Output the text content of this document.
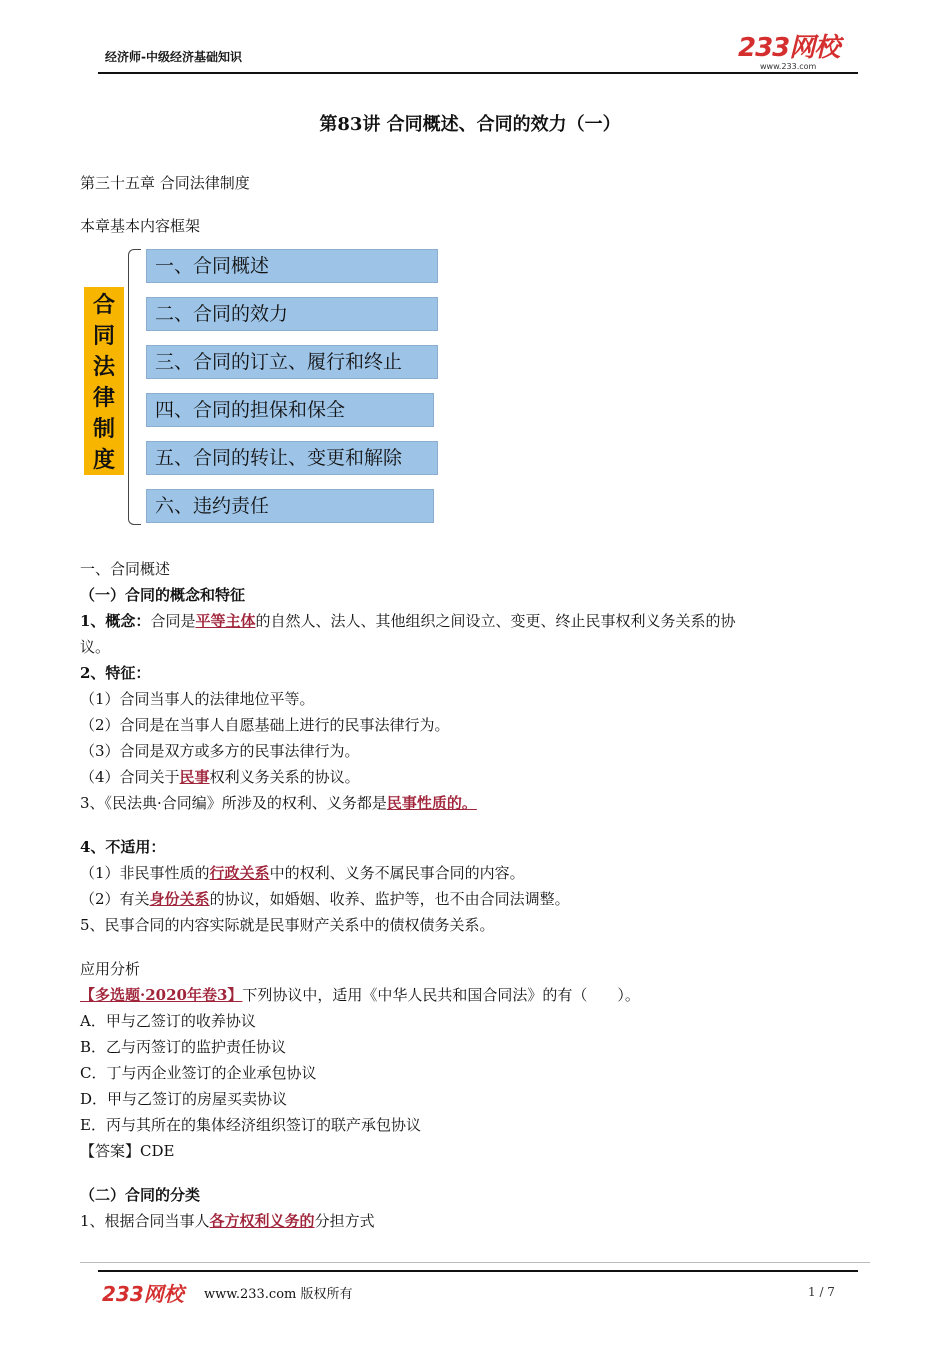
经济师-中级经济基础知识	233网校
www.233.com
第83讲 合同概述、合同的效力（一）
第三十五章 合同法律制度
本章基本内容框架
合同法律制度
一、合同概述
二、合同的效力
三、合同的订立、履行和终止
四、合同的担保和保全
五、合同的转让、变更和解除
六、违约责任
一、合同概述
（一）合同的概念和特征
1、概念：合同是平等主体的自然人、法人、其他组织之间设立、变更、终止民事权利义务关系的协
议。
2、特征：
（1）合同当事人的法律地位平等。
（2）合同是在当事人自愿基础上进行的民事法律行为。
（3）合同是双方或多方的民事法律行为。
（4）合同关于民事权利义务关系的协议。
3、《民法典·合同编》所涉及的权利、义务都是民事性质的。
4、不适用：
（1）非民事性质的行政关系中的权利、义务不属民事合同的内容。
（2）有关身份关系的协议，如婚姻、收养、监护等，也不由合同法调整。
5、民事合同的内容实际就是民事财产关系中的债权债务关系。
应用分析
【多选题·2020年卷3】下列协议中，适用《中华人民共和国合同法》的有（　　）。
A．甲与乙签订的收养协议
B．乙与丙签订的监护责任协议
C．丁与丙企业签订的企业承包协议
D．甲与乙签订的房屋买卖协议
E．丙与其所在的集体经济组织签订的联产承包协议
【答案】CDE
（二）合同的分类
1、根据合同当事人各方权利义务的分担方式
233网校 www.233.com 版权所有	1 / 7
